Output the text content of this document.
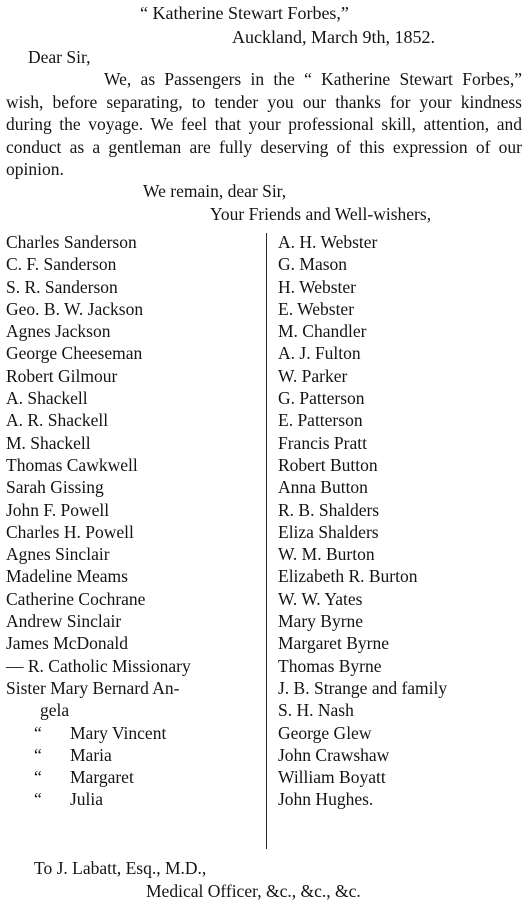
“ Katherine Stewart Forbes,”
Auckland, March 9th, 1852.
Dear Sir,
We, as Passengers in the “ Katherine Stewart Forbes,” wish, before separating, to tender you our thanks for your kindness during the voyage. We feel that your professional skill, attention, and conduct as a gentleman are fully deserving of this expression of our opinion.
We remain, dear Sir,
Your Friends and Well-wishers,
Charles Sanderson
C. F. Sanderson
S. R. Sanderson
Geo. B. W. Jackson
Agnes Jackson
George Cheeseman
Robert Gilmour
A. Shackell
A. R. Shackell
M. Shackell
Thomas Cawkwell
Sarah Gissing
John F. Powell
Charles H. Powell
Agnes Sinclair
Madeline Meams
Catherine Cochrane
Andrew Sinclair
James McDonald
— R. Catholic Missionary
Sister Mary Bernard An-
gela
“ Mary Vincent
“ Maria
“ Margaret
“ Julia
A. H. Webster
G. Mason
H. Webster
E. Webster
M. Chandler
A. J. Fulton
W. Parker
G. Patterson
E. Patterson
Francis Pratt
Robert Button
Anna Button
R. B. Shalders
Eliza Shalders
W. M. Burton
Elizabeth R. Burton
W. W. Yates
Mary Byrne
Margaret Byrne
Thomas Byrne
J. B. Strange and family
S. H. Nash
George Glew
John Crawshaw
William Boyatt
John Hughes.
To J. Labatt, Esq., M.D.,
Medical Officer, &c., &c., &c.
